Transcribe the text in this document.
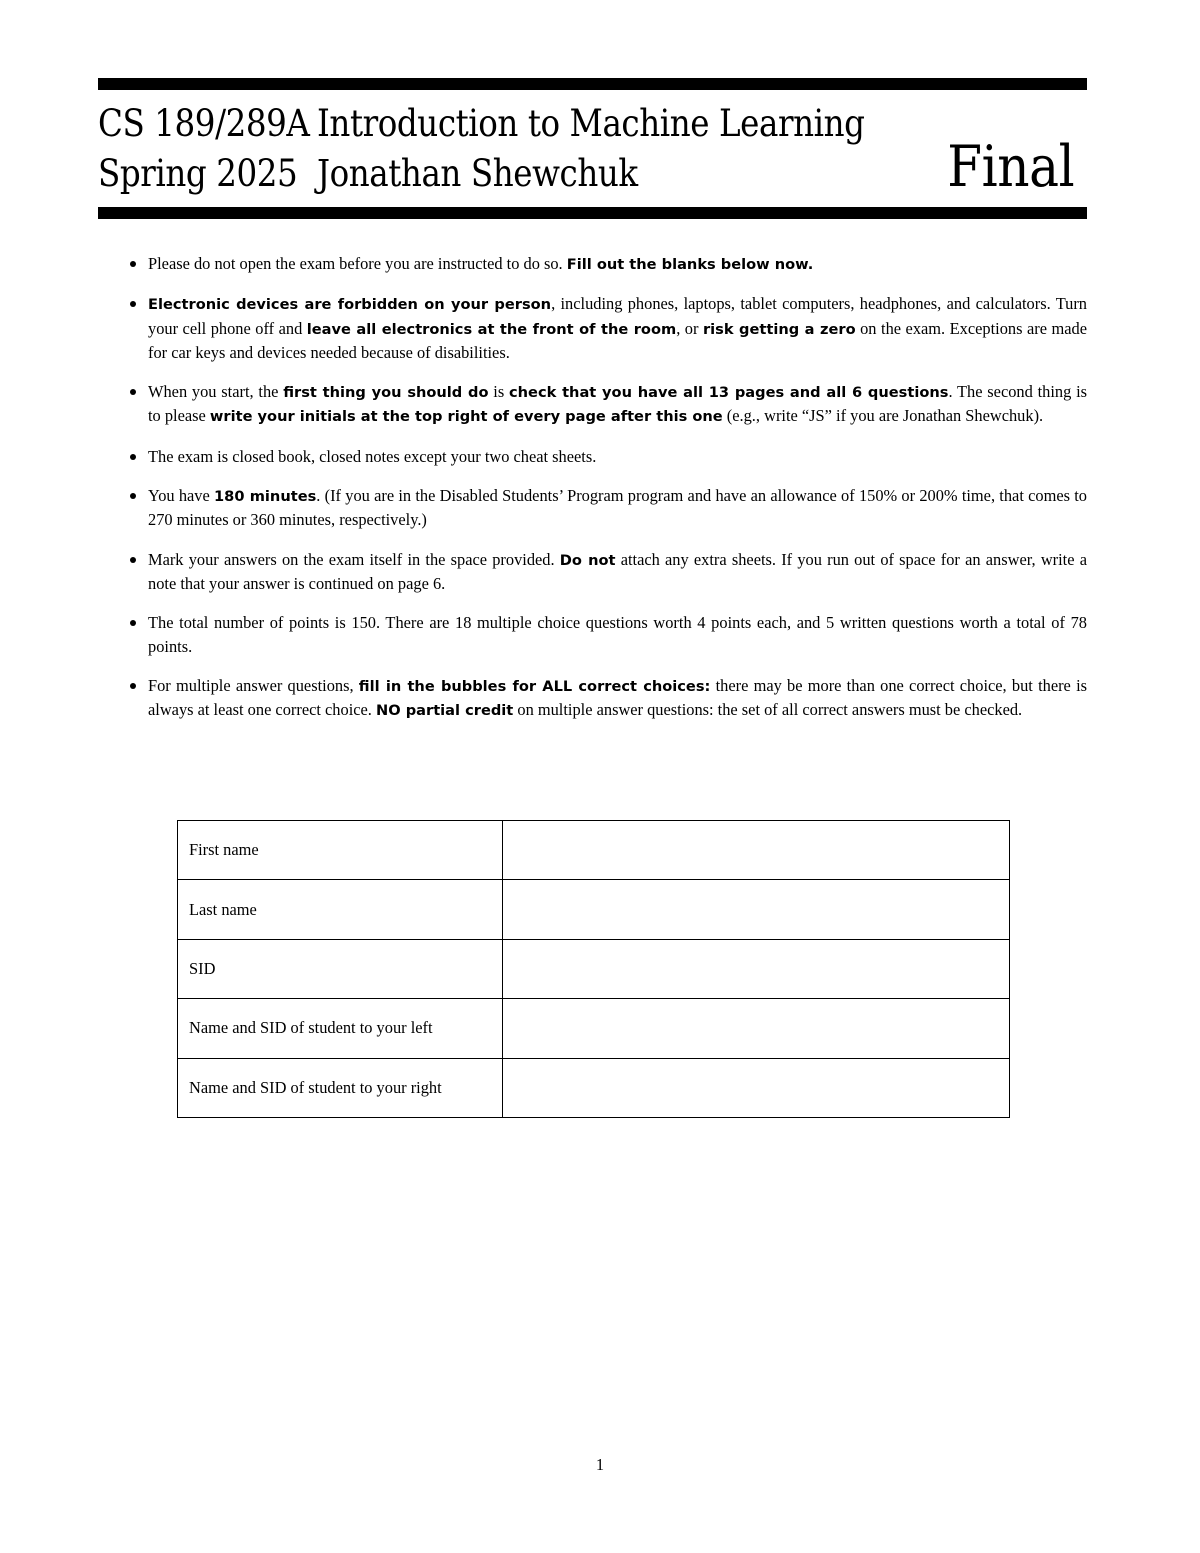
CS 189/289A Introduction to Machine Learning
Spring 2025 Jonathan Shewchuk	Final
Please do not open the exam before you are instructed to do so. Fill out the blanks below now.
Electronic devices are forbidden on your person, including phones, laptops, tablet computers, headphones, and calculators. Turn your cell phone off and leave all electronics at the front of the room, or risk getting a zero on the exam. Exceptions are made for car keys and devices needed because of disabilities.
When you start, the first thing you should do is check that you have all 13 pages and all 6 questions. The second thing is to please write your initials at the top right of every page after this one (e.g., write “JS” if you are Jonathan Shewchuk).
The exam is closed book, closed notes except your two cheat sheets.
You have 180 minutes. (If you are in the Disabled Students’ Program program and have an allowance of 150% or 200% time, that comes to 270 minutes or 360 minutes, respectively.)
Mark your answers on the exam itself in the space provided. Do not attach any extra sheets. If you run out of space for an answer, write a note that your answer is continued on page 6.
The total number of points is 150. There are 18 multiple choice questions worth 4 points each, and 5 written questions worth a total of 78 points.
For multiple answer questions, fill in the bubbles for ALL correct choices: there may be more than one correct choice, but there is always at least one correct choice. NO partial credit on multiple answer questions: the set of all correct answers must be checked.
First name	
Last name	
SID	
Name and SID of student to your left	
Name and SID of student to your right	
1
